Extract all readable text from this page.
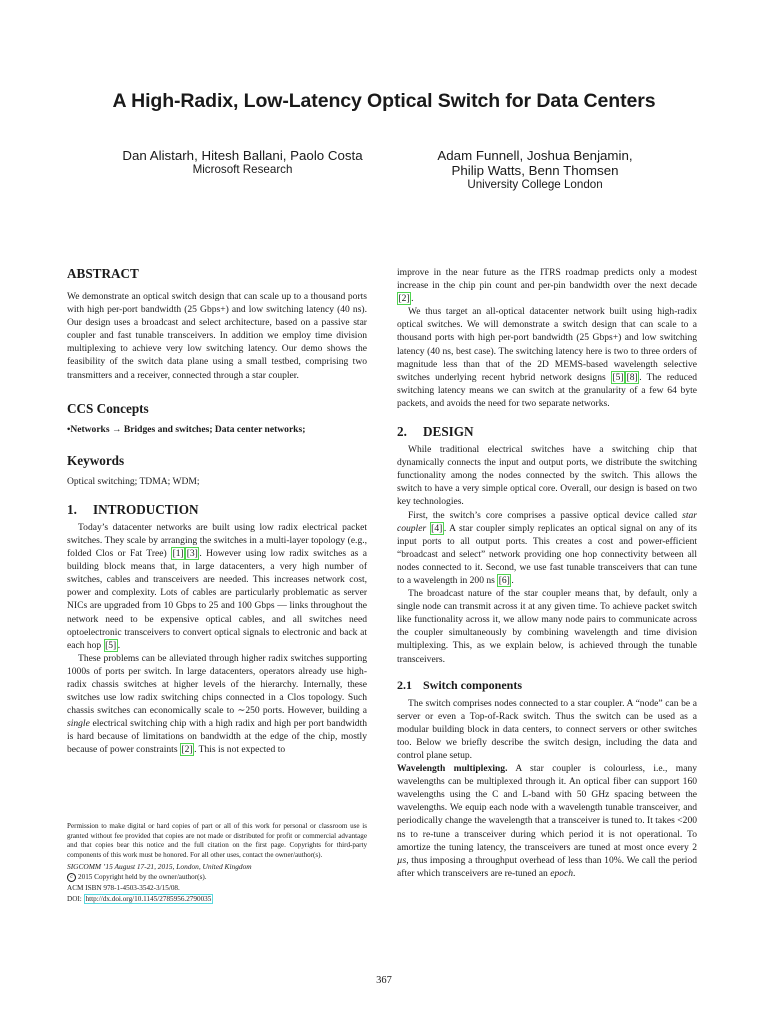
A High-Radix, Low-Latency Optical Switch for Data Centers
Dan Alistarh, Hitesh Ballani, Paolo Costa
Microsoft Research
Adam Funnell, Joshua Benjamin,
Philip Watts, Benn Thomsen
University College London
ABSTRACT

We demonstrate an optical switch design that can scale up to a thousand ports with high per-port bandwidth (25 Gbps+) and low switching latency (40 ns). Our design uses a broadcast and select architecture, based on a passive star coupler and fast tunable transceivers. In addition we employ time division multiplexing to achieve very low switching latency. Our demo shows the feasibility of the switch data plane using a small testbed, comprising two transmitters and a receiver, connected through a star coupler.

CCS Concepts

•Networks → Bridges and switches; Data center networks;

Keywords

Optical switching; TDMA; WDM;

1. INTRODUCTION

Today’s datacenter networks are built using low radix electrical packet switches. They scale by arranging the switches in a multi-layer topology (e.g., folded Clos or Fat Tree) [1] [3] . However using low radix switches as a building block means that, in large datacenters, a very high number of switches, cables and transceivers are needed. This increases network cost, power and complexity. Lots of cables are particularly problematic as server NICs are upgraded from 10 Gbps to 25 and 100 Gbps — links throughout the network need to be expensive optical cables, and all switches need optoelectronic transceivers to convert optical signals to electronic and back at each hop [5] .

These problems can be alleviated through higher radix switches supporting 1000s of ports per switch. In large datacenters, operators already use high-radix chassis switches at higher levels of the hierarchy. Internally, these switches use low radix switching chips connected in a Clos topology. Such chassis switches can economically scale to ∼250 ports. However, building a single electrical switching chip with a high radix and high per port bandwidth is hard because of limitations on bandwidth at the edge of the chip, mostly because of power constraints [2] . This is not expected to

Permission to make digital or hard copies of part or all of this work for personal or classroom use is granted without fee provided that copies are not made or distributed for profit or commercial advantage and that copies bear this notice and the full citation on the first page. Copyrights for third-party components of this work must be honored. For all other uses, contact the owner/author(s).

SIGCOMM ’15 August 17-21, 2015, London, United Kingdom

c 2015 Copyright held by the owner/author(s).

ACM ISBN 978-1-4503-3542-3/15/08.

DOI: http://dx.doi.org/10.1145/2785956.2790035

improve in the near future as the ITRS roadmap predicts only a modest increase in the chip pin count and per-pin bandwidth over the next decade [2] .

We thus target an all-optical datacenter network built using high-radix optical switches. We will demonstrate a switch design that can scale to a thousand ports with high per-port bandwidth (25 Gbps+) and low switching latency (40 ns, best case). The switching latency here is two to three orders of magnitude less than that of the 2D MEMS-based wavelength selective switches underlying recent hybrid network designs [5] [8] . The reduced switching latency means we can switch at the granularity of a few 64 byte packets, and avoids the need for two separate networks.

2. DESIGN

While traditional electrical switches have a switching chip that dynamically connects the input and output ports, we distribute the switching functionality among the nodes connected by the switch. This allows the switch to have a very simple optical core. Overall, our design is based on two key technologies.

First, the switch’s core comprises a passive optical device called star coupler [4] . A star coupler simply replicates an optical signal on any of its input ports to all output ports. This creates a cost and power-efficient “broadcast and select” network providing one hop connectivity between all nodes connected to it. Second, we use fast tunable transceivers that can tune to a wavelength in 200 ns [6] .

The broadcast nature of the star coupler means that, by default, only a single node can transmit across it at any given time. To achieve packet switch like functionality across it, we allow many node pairs to communicate across the coupler simultaneously by combining wavelength and time division multiplexing. This, as we explain below, is achieved through the tunable transceivers.

2.1 Switch components

The switch comprises nodes connected to a star coupler. A “node” can be a server or even a Top-of-Rack switch. Thus the switch can be used as a modular building block in data centers, to connect servers or other switches too. Below we briefly describe the switch design, including the data and control plane setup.

Wavelength multiplexing. A star coupler is colourless, i.e., many wavelengths can be multiplexed through it. An optical fiber can support 160 wavelengths using the C and L-band with 50 GHz spacing between the wavelengths. We equip each node with a wavelength tunable transceiver, and periodically change the wavelength that a transceiver is tuned to. It takes <200 ns to re-tune a transceiver during which period it is not operational. To amortize the tuning latency, the transceivers are tuned at most once every 2 µs, thus imposing a throughput overhead of less than 10%. We call the period after which transceivers are re-tuned an epoch.

367
